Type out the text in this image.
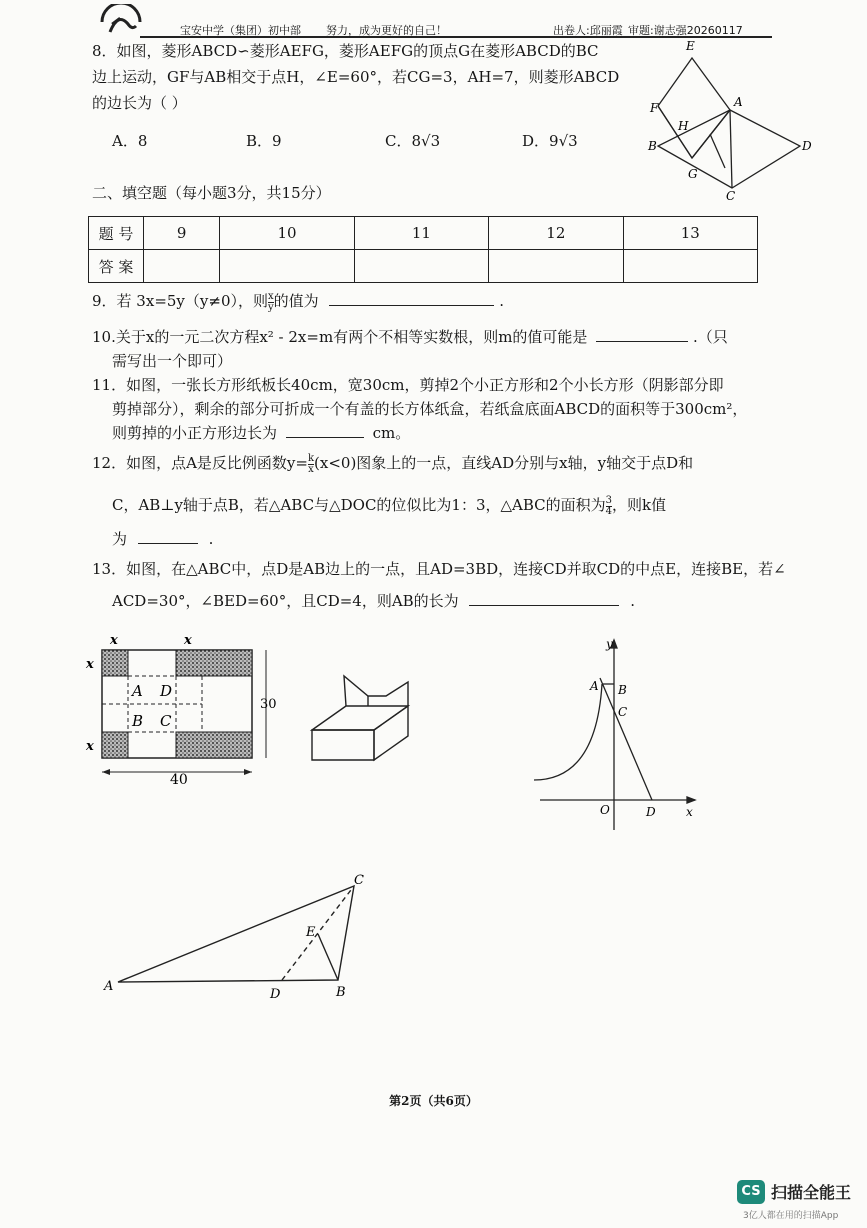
宝安中学（集团）初中部 努力，成为更好的自己！	出卷人:邱丽霞 审题:谢志强20260117
8．如图，菱形ABCD∽菱形AEFG，菱形AEFG的顶点G在菱形ABCD的BC
边上运动，GF与AB相交于点H，∠E=60°，若CG=3，AH=7，则菱形ABCD
的边长为（ ）
A．8	B．9	C．8√3	D．9√3
E
F	A
H
B	D
G
C
二、填空题（每小题3分，共15分）
题 号	9	10	11	12	13
答 案					
9．若 3x=5y（y≠0），则 $\frac{x}{y}$ 的值为	.
10.关于x的一元二次方程x² - 2x=m有两个不相等实数根，则m的值可能是	.（只
需写出一个即可）
11．如图，一张长方形纸板长40cm，宽30cm，剪掉2个小正方形和2个小长方形（阴影部分即
剪掉部分），剩余的部分可折成一个有盖的长方体纸盒，若纸盒底面ABCD的面积等于300cm²，
则剪掉的小正方形边长为	cm。
12．如图，点A是反比例函数$y= \frac{k}{x} (x<0)$图象上的一点，直线AD分别与x轴，y轴交于点D和
C，AB⊥y轴于点B，若△ABC与△DOC的位似比为1：3，△ABC的面积为 $\frac{3}{4}$ ，则k值
为	.
13．如图，在△ABC中，点D是AB边上的一点，且AD=3BD，连接CD并取CD的中点E，连接BE，若∠
ACD=30°，∠BED=60°，且CD=4，则AB的长为	.
x	x
x
x
A D
B C
30
40
y
A B
C
O	D	x
C
E
A
D	B
第2页（共6页）
CS 扫描全能王
3亿人都在用的扫描App
